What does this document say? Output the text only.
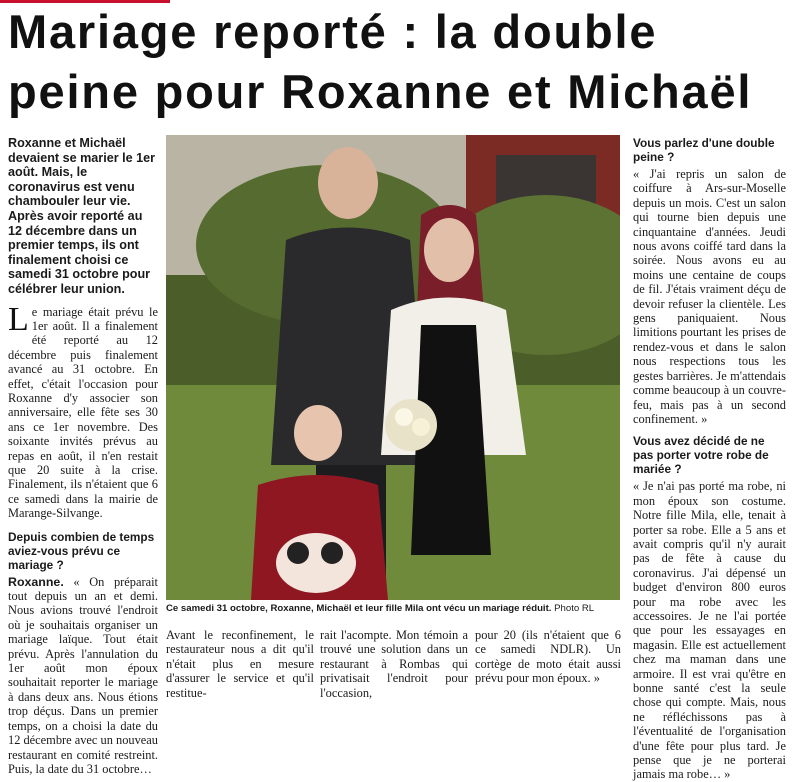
Mariage reporté : la double
peine pour Roxanne et Michaël

Roxanne et Michaël devaient se marier le 1er août. Mais, le coronavirus est venu chambouler leur vie. Après avoir reporté au 12 décembre dans un premier temps, ils ont finalement choisi ce samedi 31 octobre pour célébrer leur union.

Le mariage était prévu le 1er août. Il a finalement été reporté au 12 décembre puis finalement avancé au 31 octobre. En effet, c'était l'occasion pour Roxanne d'y associer son anniversaire, elle fête ses 30 ans ce 1er novembre. Des soixante invités prévus au repas en août, il n'en restait que 20 suite à la crise. Finalement, ils n'étaient que 6 ce samedi dans la mairie de Marange-Silvange.

Depuis combien de temps aviez-vous prévu ce mariage ?

Roxanne. « On préparait tout depuis un an et demi. Nous avions trouvé l'endroit où je souhaitais organiser un mariage laïque. Tout était prévu. Après l'annulation du 1er août mon époux souhaitait reporter le mariage à dans deux ans. Nous étions trop déçus. Dans un premier temps, on a choisi la date du 12 décembre avec un nouveau restaurant en comité restreint. Puis, la date du 31 octobre…

Ce samedi 31 octobre, Roxanne, Michaël et leur fille Mila ont vécu un mariage réduit. Photo RL

Avant le reconfinement, le restaurateur nous a dit qu'il n'était plus en mesure d'assurer le service et qu'il restitue-

rait l'acompte. Mon témoin a trouvé une solution dans un restaurant à Rombas qui privatisait l'endroit pour l'occasion,

pour 20 (ils n'étaient que 6 ce samedi NDLR). Un cortège de moto était aussi prévu pour mon époux. »

Vous parlez d'une double peine ?

« J'ai repris un salon de coiffure à Ars-sur-Moselle depuis un mois. C'est un salon qui tourne bien depuis une cinquantaine d'années. Jeudi nous avons coiffé tard dans la soirée. Nous avons eu au moins une centaine de coups de fil. J'étais vraiment déçu de devoir refuser la clientèle. Les gens paniquaient. Nous limitions pourtant les prises de rendez-vous et dans le salon nous respections tous les gestes barrières. Je m'attendais comme beaucoup à un couvre-feu, mais pas à un second confinement. »

Vous avez décidé de ne pas porter votre robe de mariée ?

« Je n'ai pas porté ma robe, ni mon époux son costume. Notre fille Mila, elle, tenait à porter sa robe. Elle a 5 ans et avait compris qu'il n'y aurait pas de fête à cause du coronavirus. J'ai dépensé un budget d'environ 800 euros pour ma robe avec les accessoires. Je ne l'ai portée que pour les essayages en magasin. Elle est actuellement chez ma maman dans une armoire. Il est vrai qu'être en bonne santé c'est la seule chose qui compte. Mais, nous ne réfléchissons pas à l'éventualité de l'organisation d'une fête pour plus tard. Je pense que je ne porterai jamais ma robe… »
